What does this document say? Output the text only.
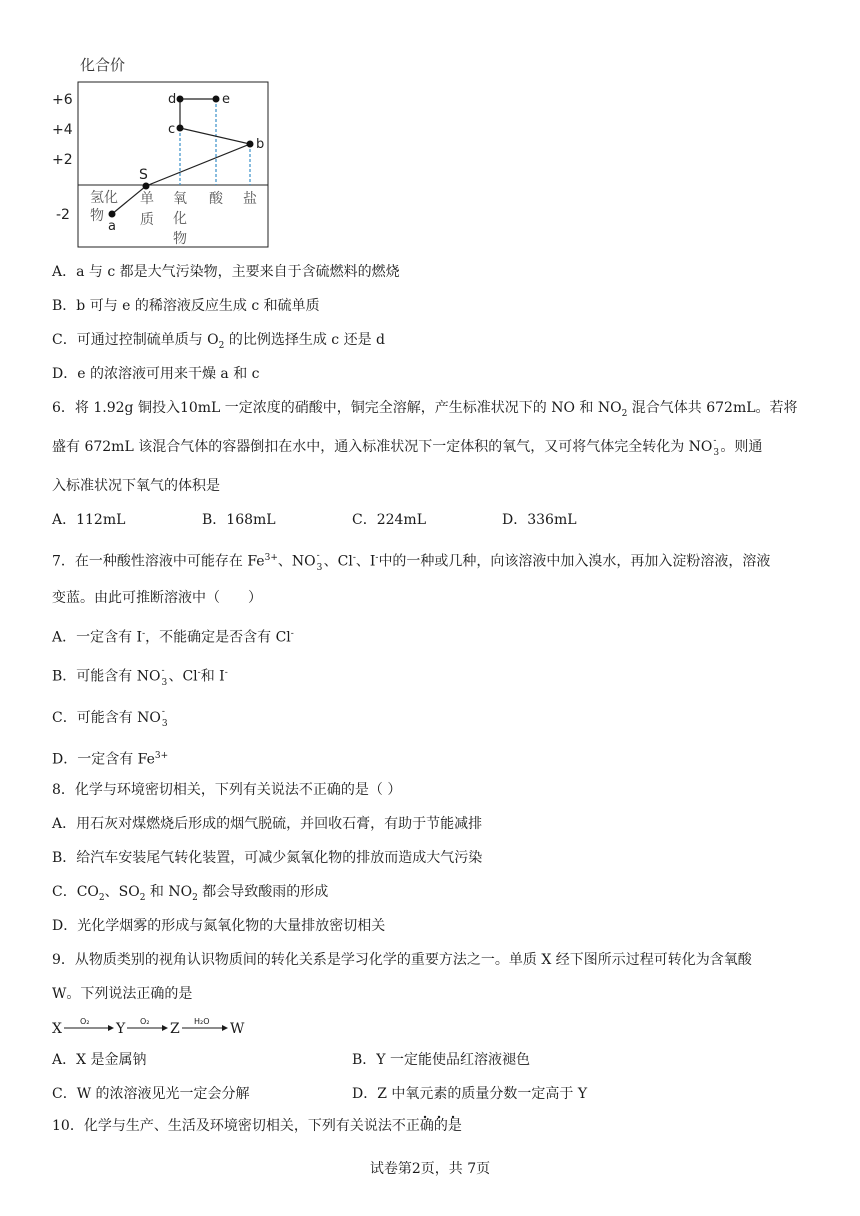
化合价
+6
+4
+2
-2
a
c
d	e
b
氢化
物
S
单
质
氧
化
物
酸 盐
A．a 与 c 都是大气污染物，主要来自于含硫燃料的燃烧
B．b 可与 e 的稀溶液反应生成 c 和硫单质
C．可通过控制硫单质与 $O_2$ 的比例选择生成 c 还是 d
D．e 的浓溶液可用来干燥 a 和 c
6．将 1.92g 铜投入10mL 一定浓度的硝酸中，铜完全溶解，产生标准状况下的 NO 和 $NO_2$ 混合气体共 672mL。若将
盛有 672mL 该混合气体的容器倒扣在水中，通入标准状况下一定体积的氧气，又可将气体完全转化为 NO -
3 。则通
入标准状况下氧气的体积是
A．112mL	B．168mL	C．224mL	D．336mL
7．在一种酸性溶液中可能存在 $Fe^{3+}$、NO -
3 、Cl-、I-中的一种或几种，向该溶液中加入溴水，再加入淀粉溶液，溶液
变蓝。由此可推断溶液中（　　）
A．一定含有 I-，不能确定是否含有 Cl-
B．可能含有 NO -
3 、Cl-和 I-
C．可能含有 NO -
3
D．一定含有 $Fe^{3+}$
8．化学与环境密切相关，下列有关说法不正确的是（ ）
A．用石灰对煤燃烧后形成的烟气脱硫，并回收石膏，有助于节能减排
B．给汽车安装尾气转化装置，可减少氮氧化物的排放而造成大气污染
C．$CO_2$、$SO_2$ 和 $NO_2$ 都会导致酸雨的形成
D．光化学烟雾的形成与氮氧化物的大量排放密切相关
9．从物质类别的视角认识物质间的转化关系是学习化学的重要方法之一。单质 X 经下图所示过程可转化为含氧酸
W。下列说法正确的是
X O₂ Y O₂ Z H₂O W
A．X 是金属钠	B．Y 一定能使品红溶液褪色
C．W 的浓溶液见光一定会分解	D．Z 中氧元素的质量分数一定高于 Y
10．化学与生产、生活及环境密切相关，下列有关说法不正确的是
试卷第2页，共 7页
